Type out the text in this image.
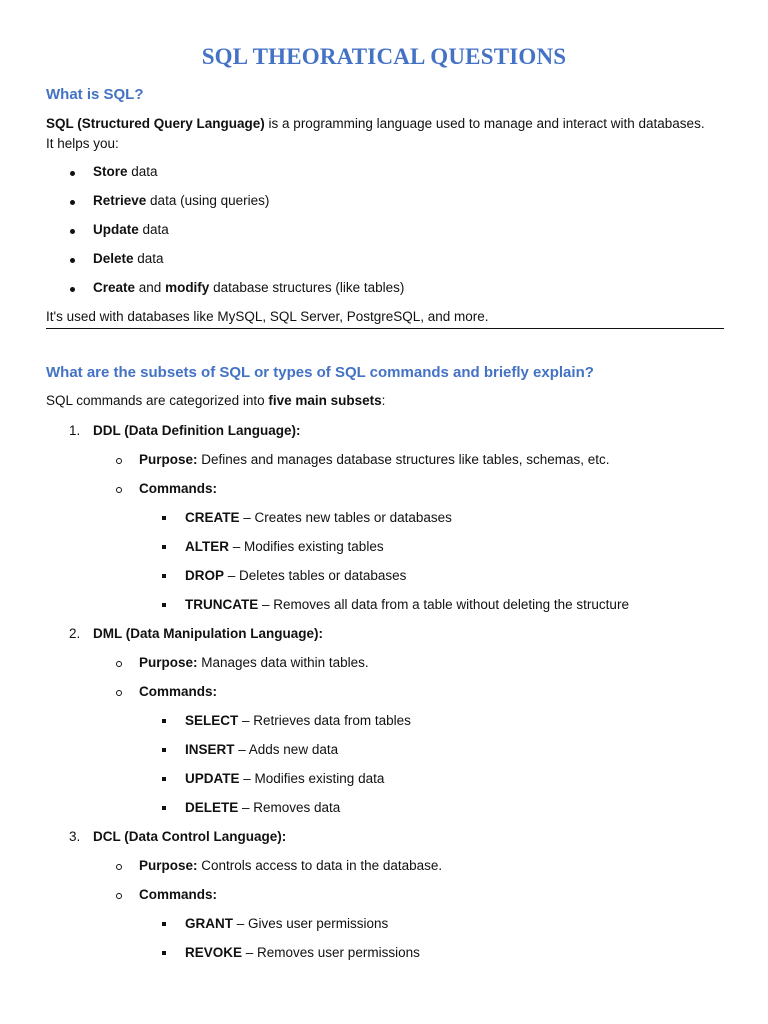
SQL THEORATICAL QUESTIONS
What is SQL?
SQL (Structured Query Language) is a programming language used to manage and interact with databases.
It helps you:
Store data
Retrieve data (using queries)
Update data
Delete data
Create and modify database structures (like tables)
It's used with databases like MySQL, SQL Server, PostgreSQL, and more.
What are the subsets of SQL or types of SQL commands and briefly explain?
SQL commands are categorized into five main subsets:
1. DDL (Data Definition Language):
Purpose: Defines and manages database structures like tables, schemas, etc.
Commands:
CREATE – Creates new tables or databases
ALTER – Modifies existing tables
DROP – Deletes tables or databases
TRUNCATE – Removes all data from a table without deleting the structure
2. DML (Data Manipulation Language):
Purpose: Manages data within tables.
Commands:
SELECT – Retrieves data from tables
INSERT – Adds new data
UPDATE – Modifies existing data
DELETE – Removes data
3. DCL (Data Control Language):
Purpose: Controls access to data in the database.
Commands:
GRANT – Gives user permissions
REVOKE – Removes user permissions
